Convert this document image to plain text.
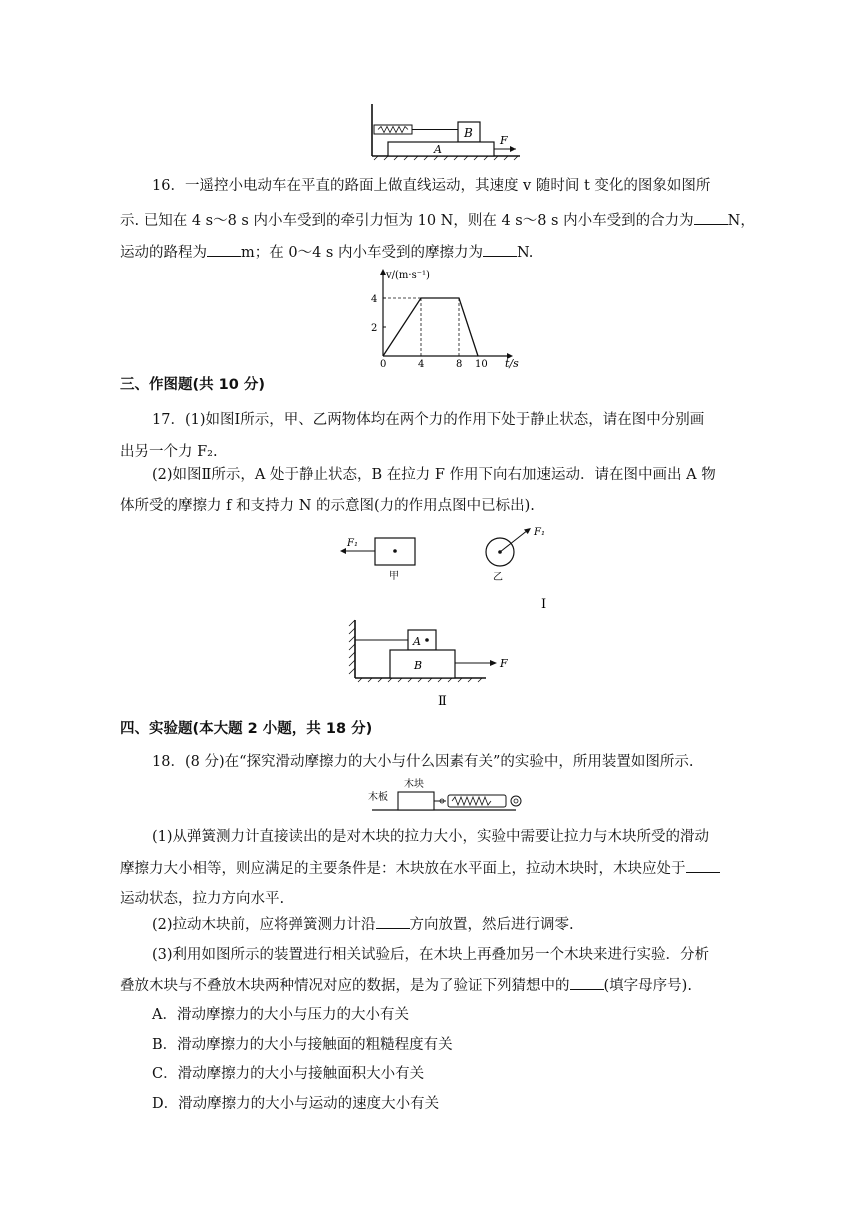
B
A
F
16．一遥控小电动车在平直的路面上做直线运动，其速度 v 随时间 t 变化的图象如图所
示. 已知在 4 s～8 s 内小车受到的牵引力恒为 10 N，则在 4 s～8 s 内小车受到的合力为 N，
运动的路程为 m；在 0～4 s 内小车受到的摩擦力为 N.
v/(m·s⁻¹)
t/s
0	4	8 10
2
4
三、作图题(共 10 分)
17．(1)如图Ⅰ所示，甲、乙两物体均在两个力的作用下处于静止状态，请在图中分别画
出另一个力 F₂.
(2)如图Ⅱ所示，A 处于静止状态，B 在拉力 F 作用下向右加速运动．请在图中画出 A 物
体所受的摩擦力 f 和支持力 N 的示意图(力的作用点图中已标出).
F₁
甲
F₁
乙
Ⅰ
A
B	F
Ⅱ
四、实验题(本大题 2 小题，共 18 分)
18．(8 分)在“探究滑动摩擦力的大小与什么因素有关”的实验中，所用装置如图所示.
木板
木块
(1)从弹簧测力计直接读出的是对木块的拉力大小，实验中需要让拉力与木块所受的滑动
摩擦力大小相等，则应满足的主要条件是：木块放在水平面上，拉动木块时，木块应处于
运动状态，拉力方向水平.
(2)拉动木块前，应将弹簧测力计沿 方向放置，然后进行调零.
(3)利用如图所示的装置进行相关试验后，在木块上再叠加另一个木块来进行实验．分析
叠放木块与不叠放木块两种情况对应的数据，是为了验证下列猜想中的 (填字母序号).
A．滑动摩擦力的大小与压力的大小有关
B．滑动摩擦力的大小与接触面的粗糙程度有关
C．滑动摩擦力的大小与接触面积大小有关
D．滑动摩擦力的大小与运动的速度大小有关
